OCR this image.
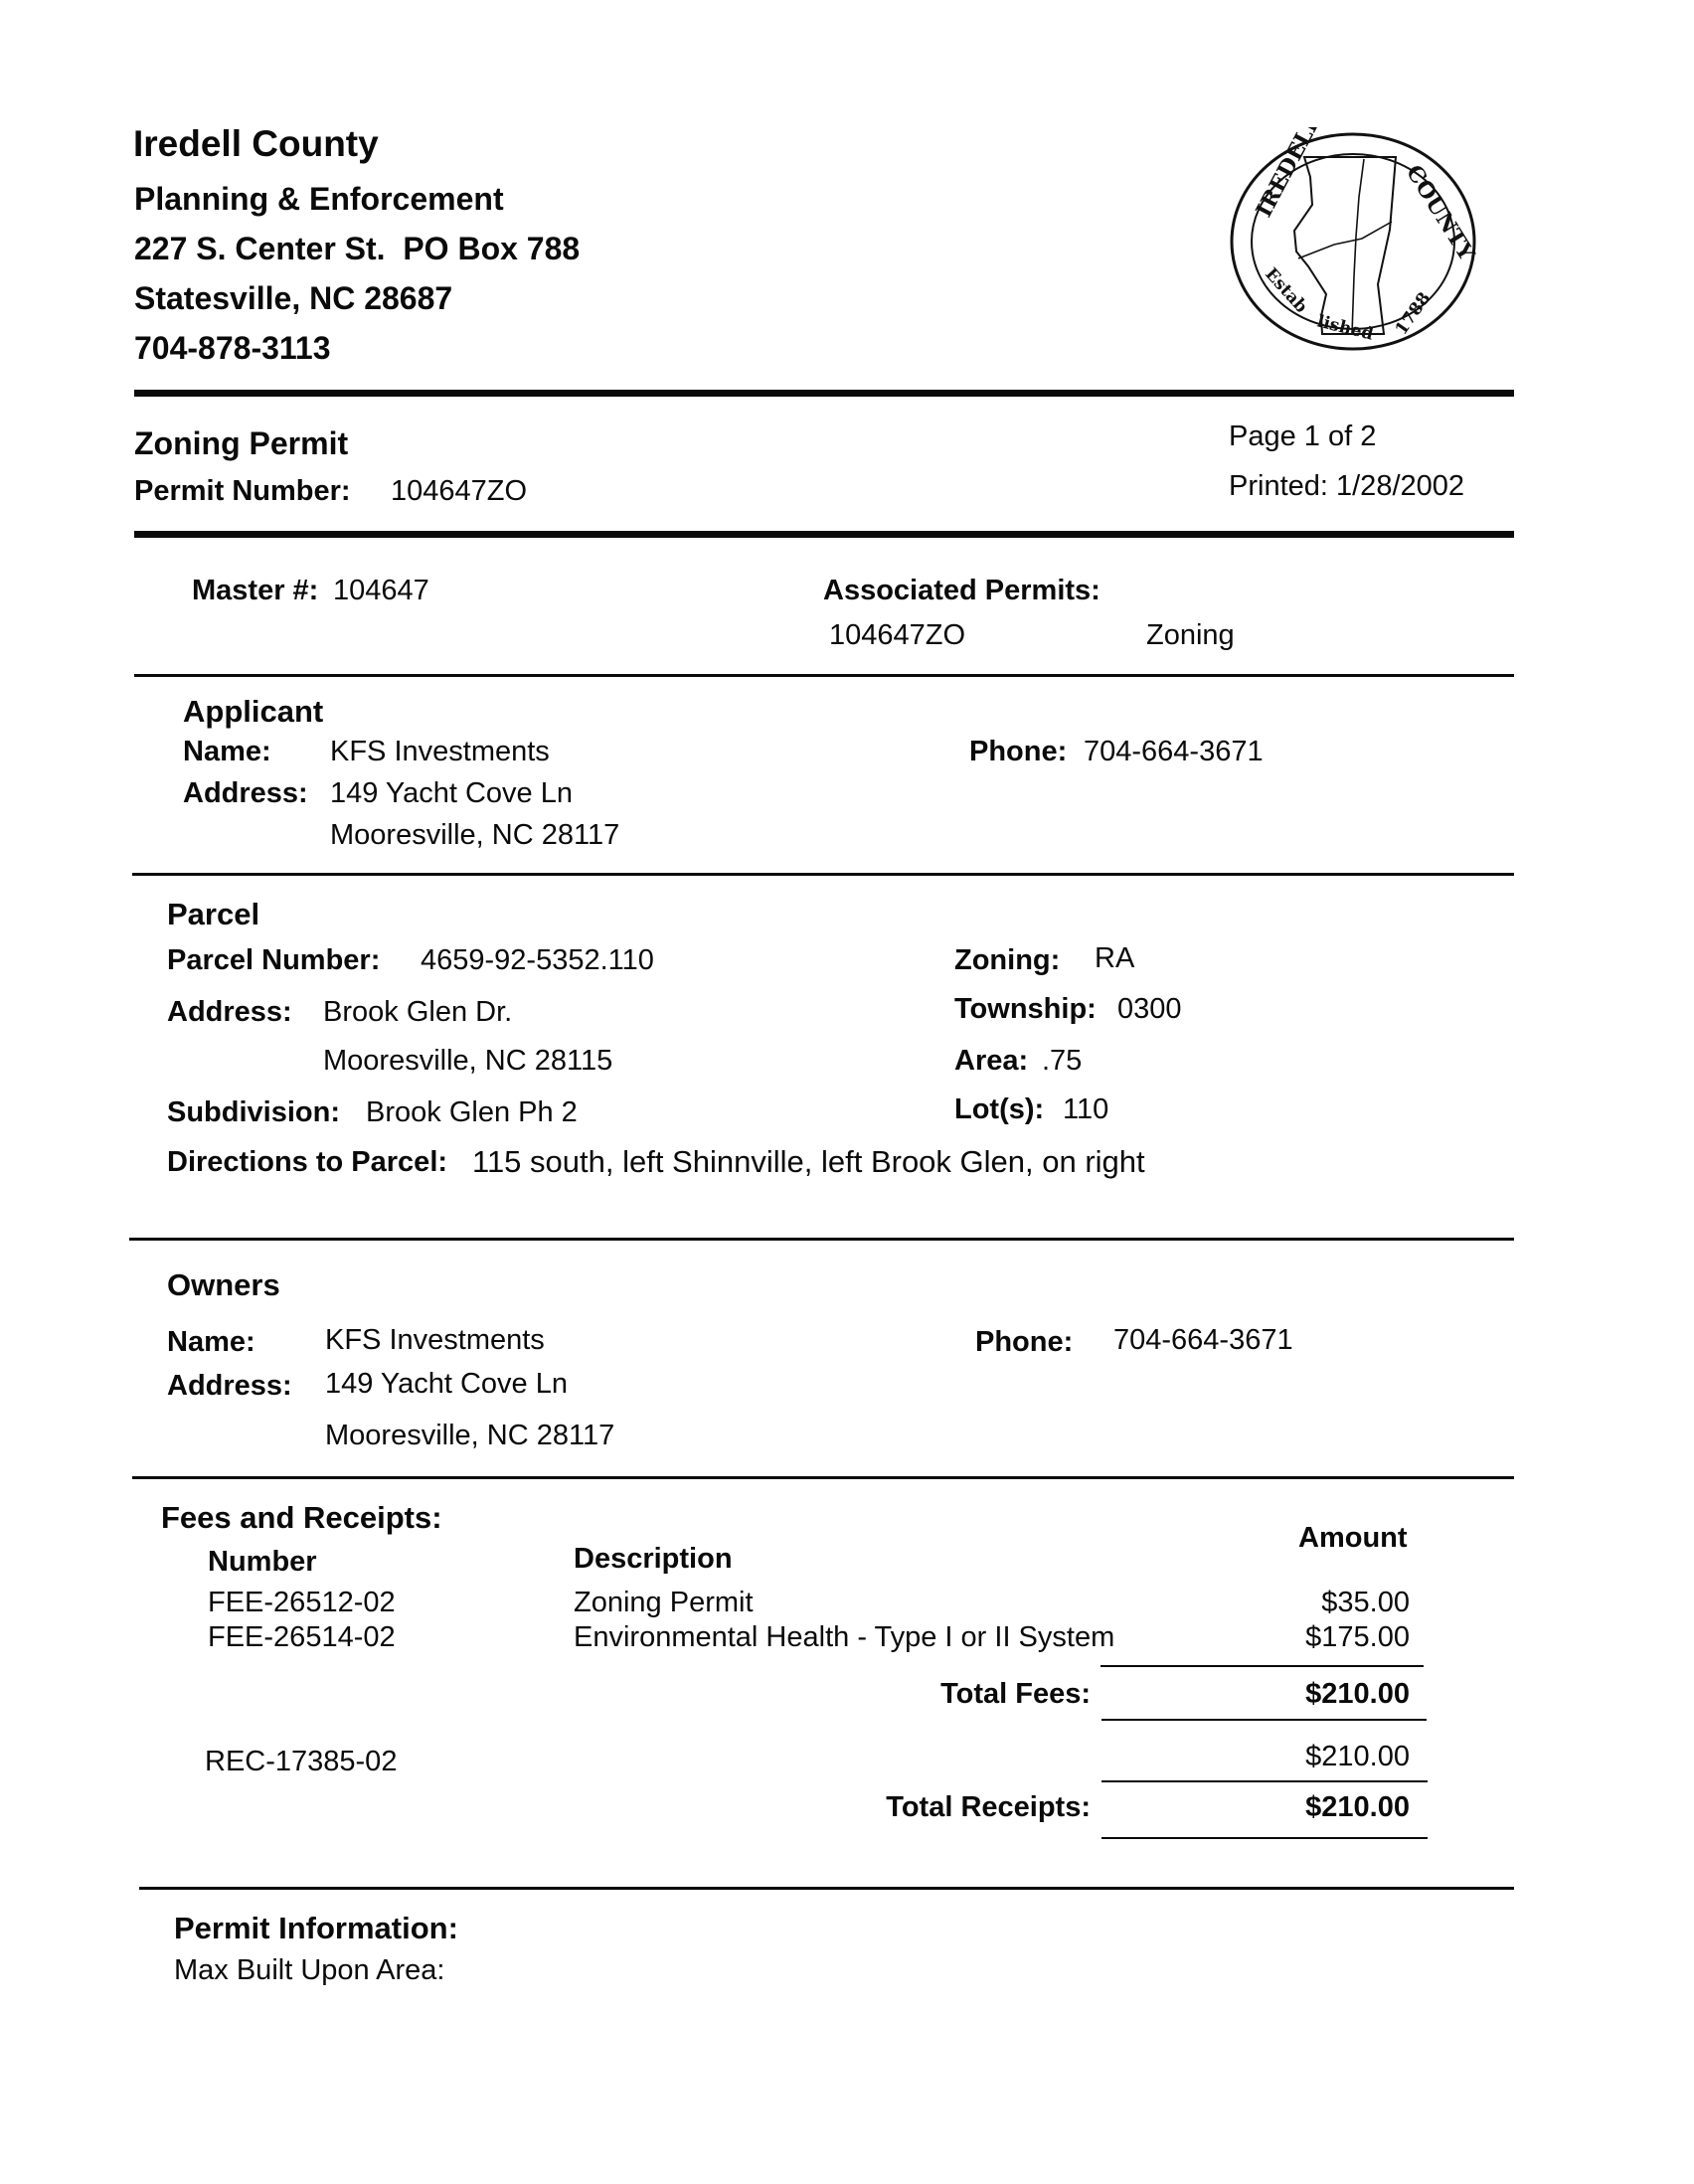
Iredell County
Planning & Enforcement
227 S. Center St.  PO Box 788
Statesville, NC 28687
704-878-3113
IREDELL	COUNTY
Estab
lished 1788
Zoning Permit
Permit Number: 104647ZO
Page 1 of 2
Printed: 1/28/2002
Master #: 104647	Associated Permits:
104647ZO	Zoning
Applicant
Name: KFS Investments	Phone: 704-664-3671
Address: 149 Yacht Cove Ln
Mooresville, NC 28117
Parcel
Parcel Number: 4659-92-5352.110	Zoning: RA
Address: Brook Glen Dr.	Township: 0300
Mooresville, NC 28115	Area: .75
Subdivision: Brook Glen Ph 2	Lot(s): 110
Directions to Parcel: 115 south, left Shinnville, left Brook Glen, on right
Owners
Name: KFS Investments	Phone: 704-664-3671
Address: 149 Yacht Cove Ln
Mooresville, NC 28117
Fees and Receipts:
Number	Description
Amount
FEE-26512-02	Zoning Permit	$35.00
FEE-26514-02	Environmental Health - Type I or II System	$175.00
Total Fees:	$210.00
REC-17385-02	$210.00
Total Receipts:	$210.00
Permit Information:
Max Built Upon Area:
